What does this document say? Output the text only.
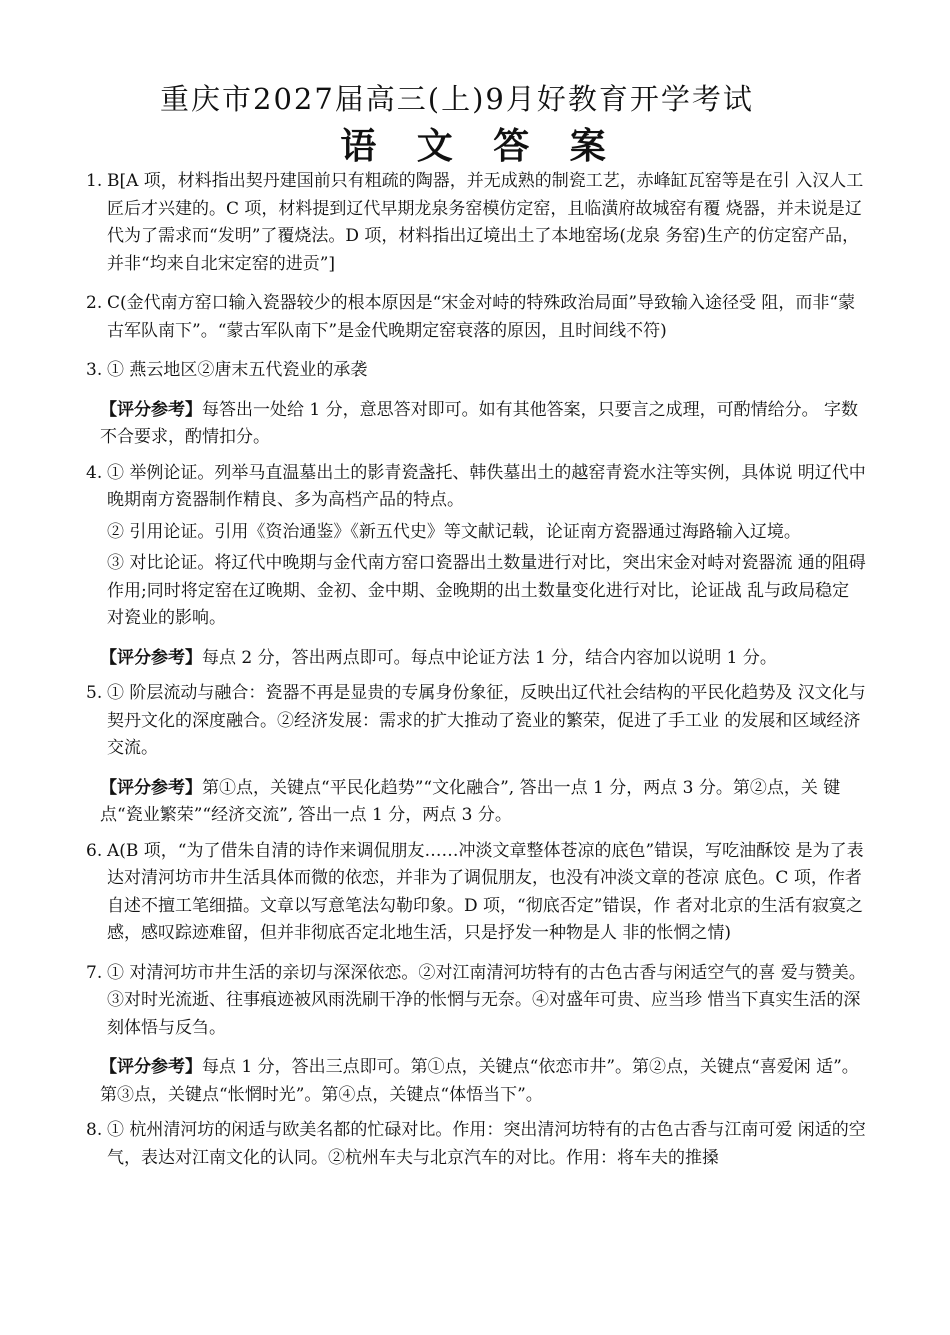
重庆市2027届高三(上)9月好教育开学考试
语 文 答 案
1. B[A 项，材料指出契丹建国前只有粗疏的陶器，并无成熟的制瓷工艺，赤峰缸瓦窑等是在引 入汉人工匠后才兴建的。C 项，材料提到辽代早期龙泉务窑模仿定窑，且临潢府故城窑有覆 烧器，并未说是辽代为了需求而“发明”了覆烧法。D 项，材料指出辽境出土了本地窑场(龙泉 务窑)生产的仿定窑产品，并非“均来自北宋定窑的进贡”]
2. C(金代南方窑口输入瓷器较少的根本原因是“宋金对峙的特殊政治局面”导致输入途径受 阻，而非“蒙古军队南下”。“蒙古军队南下”是金代晚期定窑衰落的原因，且时间线不符)
3. ① 燕云地区②唐末五代瓷业的承袭
【评分参考】每答出一处给 1 分，意思答对即可。如有其他答案，只要言之成理，可酌情给分。 字数不合要求，酌情扣分。
4. ① 举例论证。列举马直温墓出土的影青瓷盏托、韩佚墓出土的越窑青瓷水注等实例，具体说 明辽代中晚期南方瓷器制作精良、多为高档产品的特点。
② 引用论证。引用《资治通鉴》《新五代史》等文献记载，论证南方瓷器通过海路输入辽境。
③ 对比论证。将辽代中晚期与金代南方窑口瓷器出土数量进行对比，突出宋金对峙对瓷器流 通的阻碍作用;同时将定窑在辽晚期、金初、金中期、金晚期的出土数量变化进行对比，论证战 乱与政局稳定对瓷业的影响。
【评分参考】每点 2 分，答出两点即可。每点中论证方法 1 分，结合内容加以说明 1 分。
5. ① 阶层流动与融合：瓷器不再是显贵的专属身份象征，反映出辽代社会结构的平民化趋势及 汉文化与契丹文化的深度融合。②经济发展：需求的扩大推动了瓷业的繁荣，促进了手工业 的发展和区域经济交流。
【评分参考】第①点，关键点“平民化趋势”“文化融合”, 答出一点 1 分，两点 3 分。第②点，关 键点“瓷业繁荣”“经济交流”, 答出一点 1 分，两点 3 分。
6. A(B 项，“为了借朱自清的诗作来调侃朋友……冲淡文章整体苍凉的底色”错误，写吃油酥饺 是为了表达对清河坊市井生活具体而微的依恋，并非为了调侃朋友，也没有冲淡文章的苍凉 底色。C 项，作者自述不擅工笔细描。文章以写意笔法勾勒印象。D 项，“彻底否定”错误，作 者对北京的生活有寂寞之感，感叹踪迹难留，但并非彻底否定北地生活，只是抒发一种物是人 非的怅惘之情)
7. ① 对清河坊市井生活的亲切与深深依恋。②对江南清河坊特有的古色古香与闲适空气的喜 爱与赞美。③对时光流逝、往事痕迹被风雨洗刷干净的怅惘与无奈。④对盛年可贵、应当珍 惜当下真实生活的深刻体悟与反刍。
【评分参考】每点 1 分，答出三点即可。第①点，关键点“依恋市井”。第②点，关键点“喜爱闲 适”。第③点，关键点“怅惘时光”。第④点，关键点“体悟当下”。
8. ① 杭州清河坊的闲适与欧美名都的忙碌对比。作用：突出清河坊特有的古色古香与江南可爱 闲适的空气，表达对江南文化的认同。②杭州车夫与北京汽车的对比。作用：将车夫的推搡
